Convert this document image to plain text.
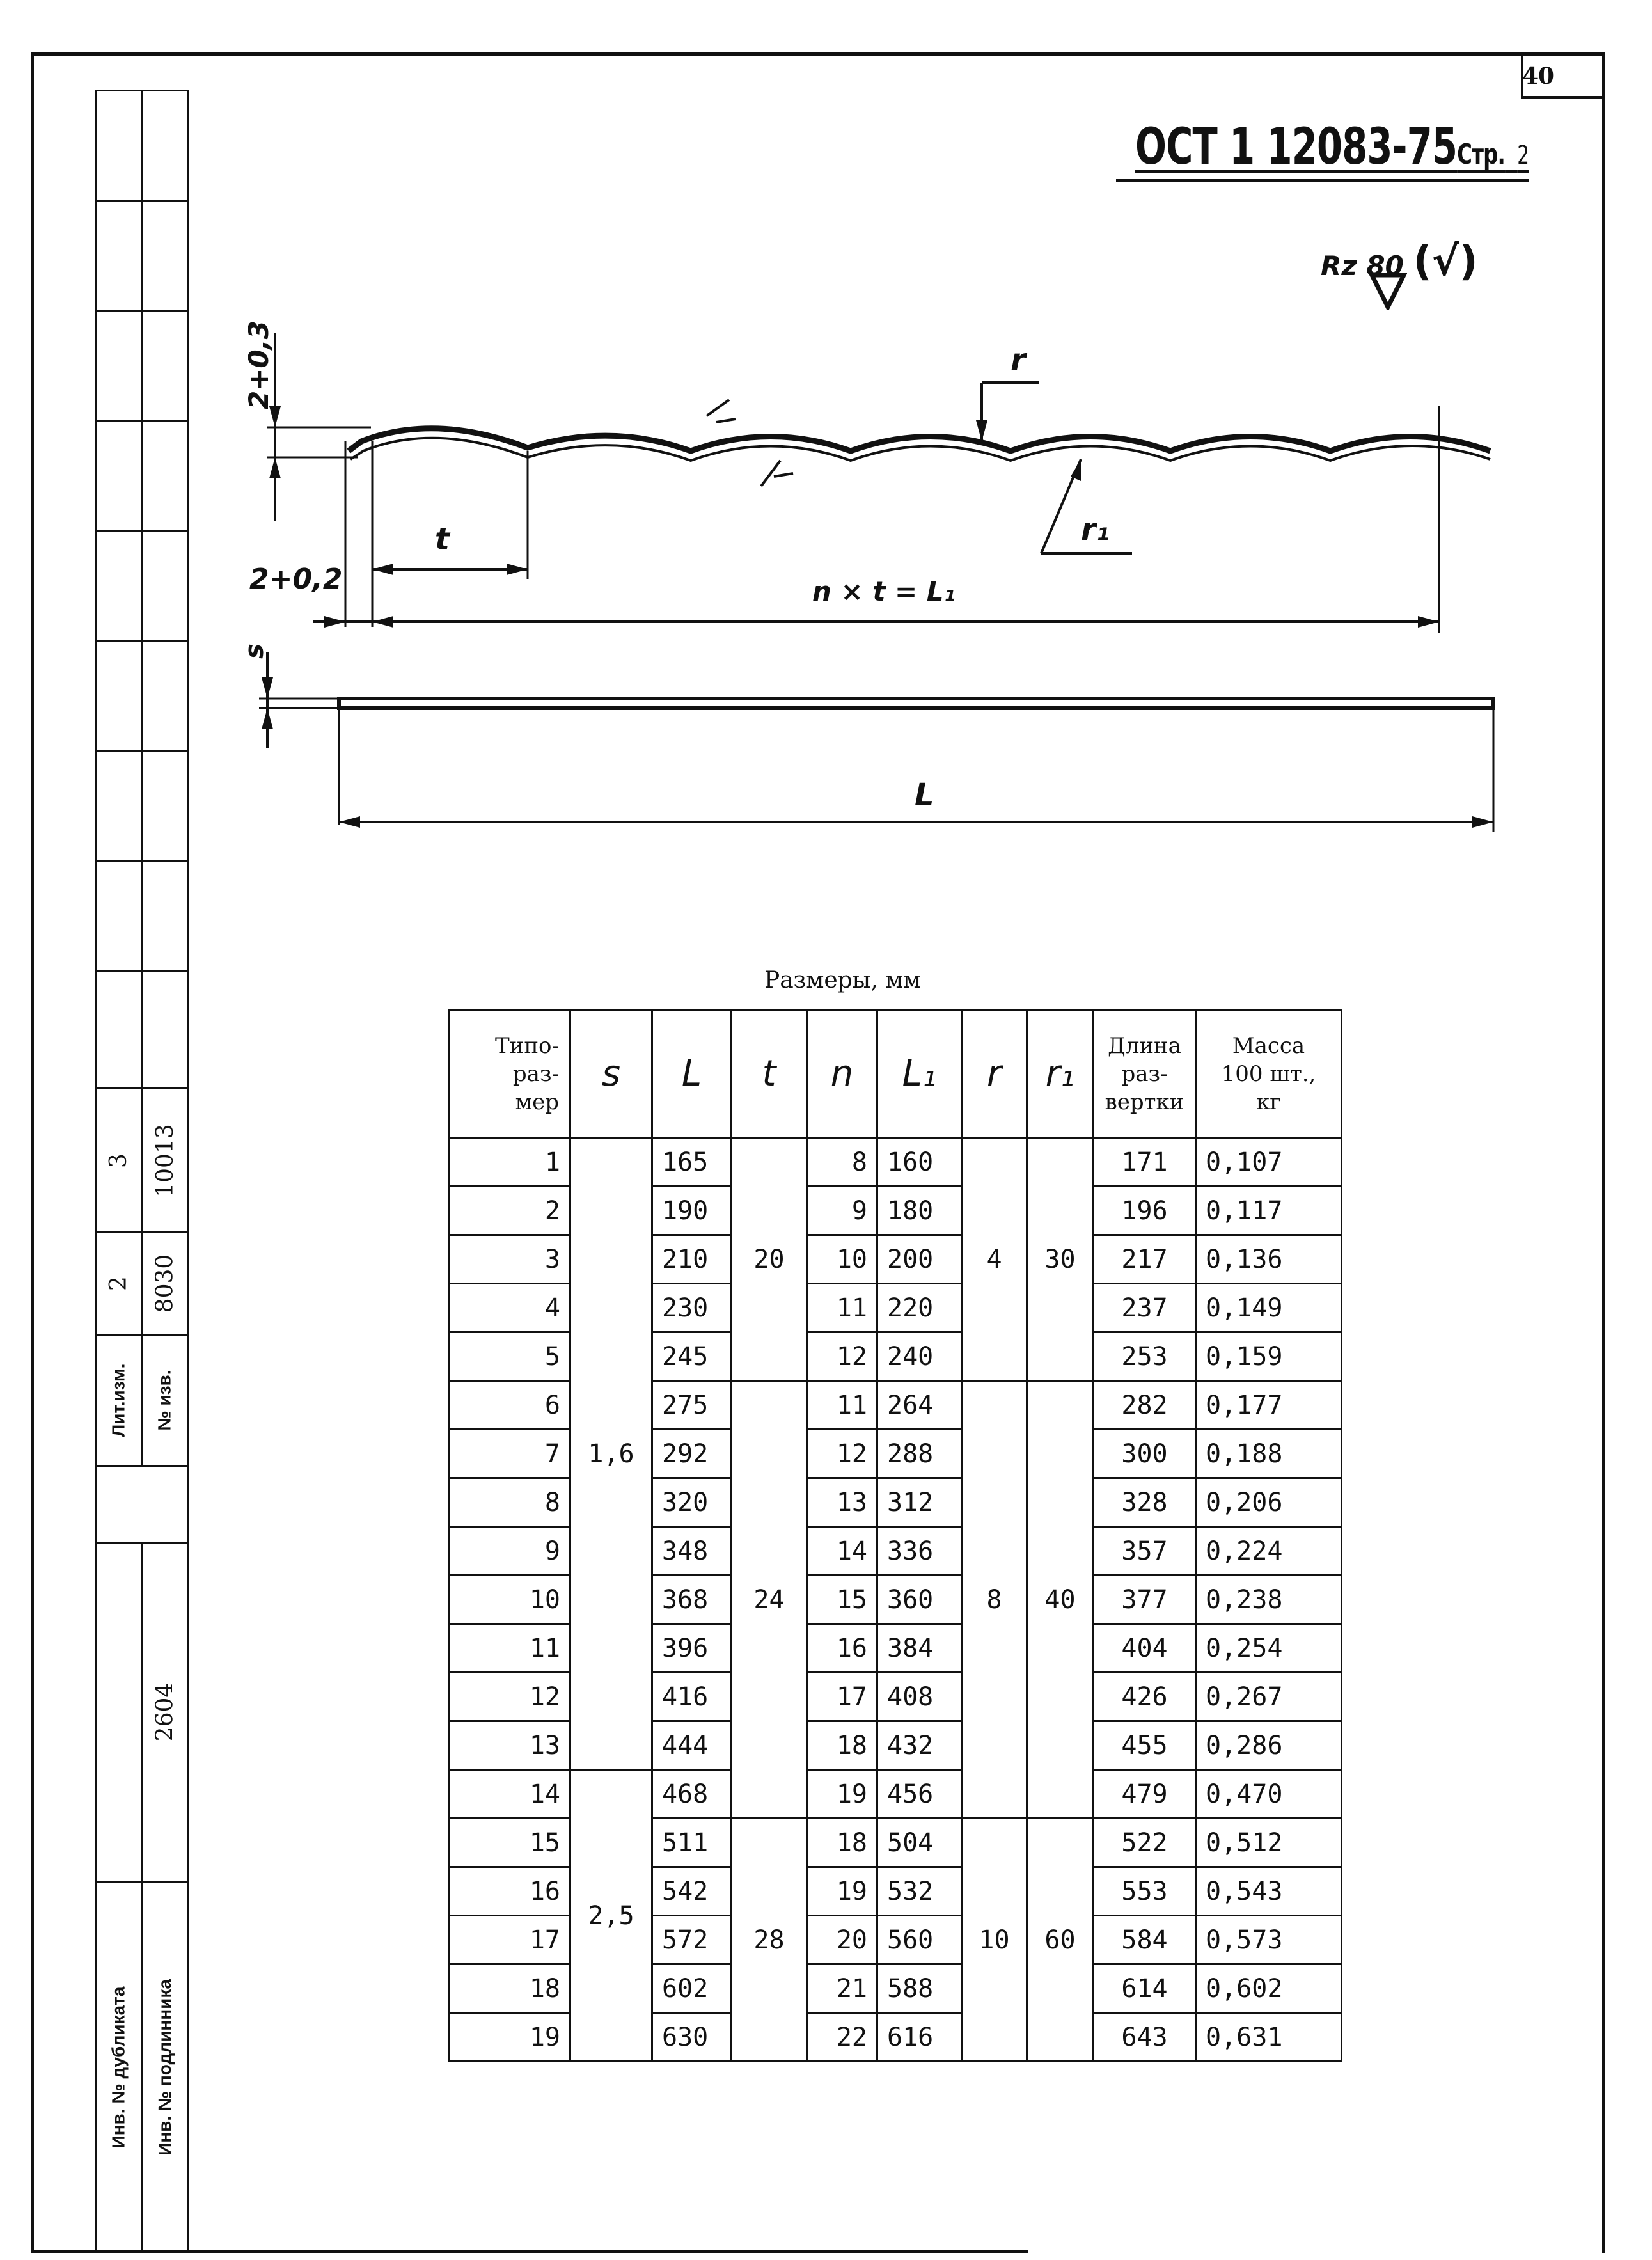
40
ОСТ 1 12083-75Стр. 2
Rz 80 (√)
2+0,3
2+0,2
t
n × t = L₁
r
r₁
s
L
Размеры, мм
Типо-
раз-
мер	s	L	t	n	L₁	r	r₁	Длина
раз-
вертки	Масса
100 шт.,
кг
1	1,6	165	20	8	160	4	30	171	0,107
2		190		9	180			196	0,117
3		210		10	200			217	0,136
4		230		11	220			237	0,149
5		245		12	240			253	0,159
6		275	24	11	264	8	40	282	0,177
7		292		12	288			300	0,188
8		320		13	312			328	0,206
9		348		14	336			357	0,224
10		368		15	360			377	0,238
11		396		16	384			404	0,254
12		416		17	408			426	0,267
13		444		18	432			455	0,286
14	2,5	468		19	456			479	0,470
15		511	28	18	504	10	60	522	0,512
16		542		19	532			553	0,543
17		572		20	560			584	0,573
18		602		21	588			614	0,602
19		630		22	616			643	0,631
3 10013
2 8030
Лит.изм. № изв.
2604
Инв. № дубликата Инв. № подлинника
